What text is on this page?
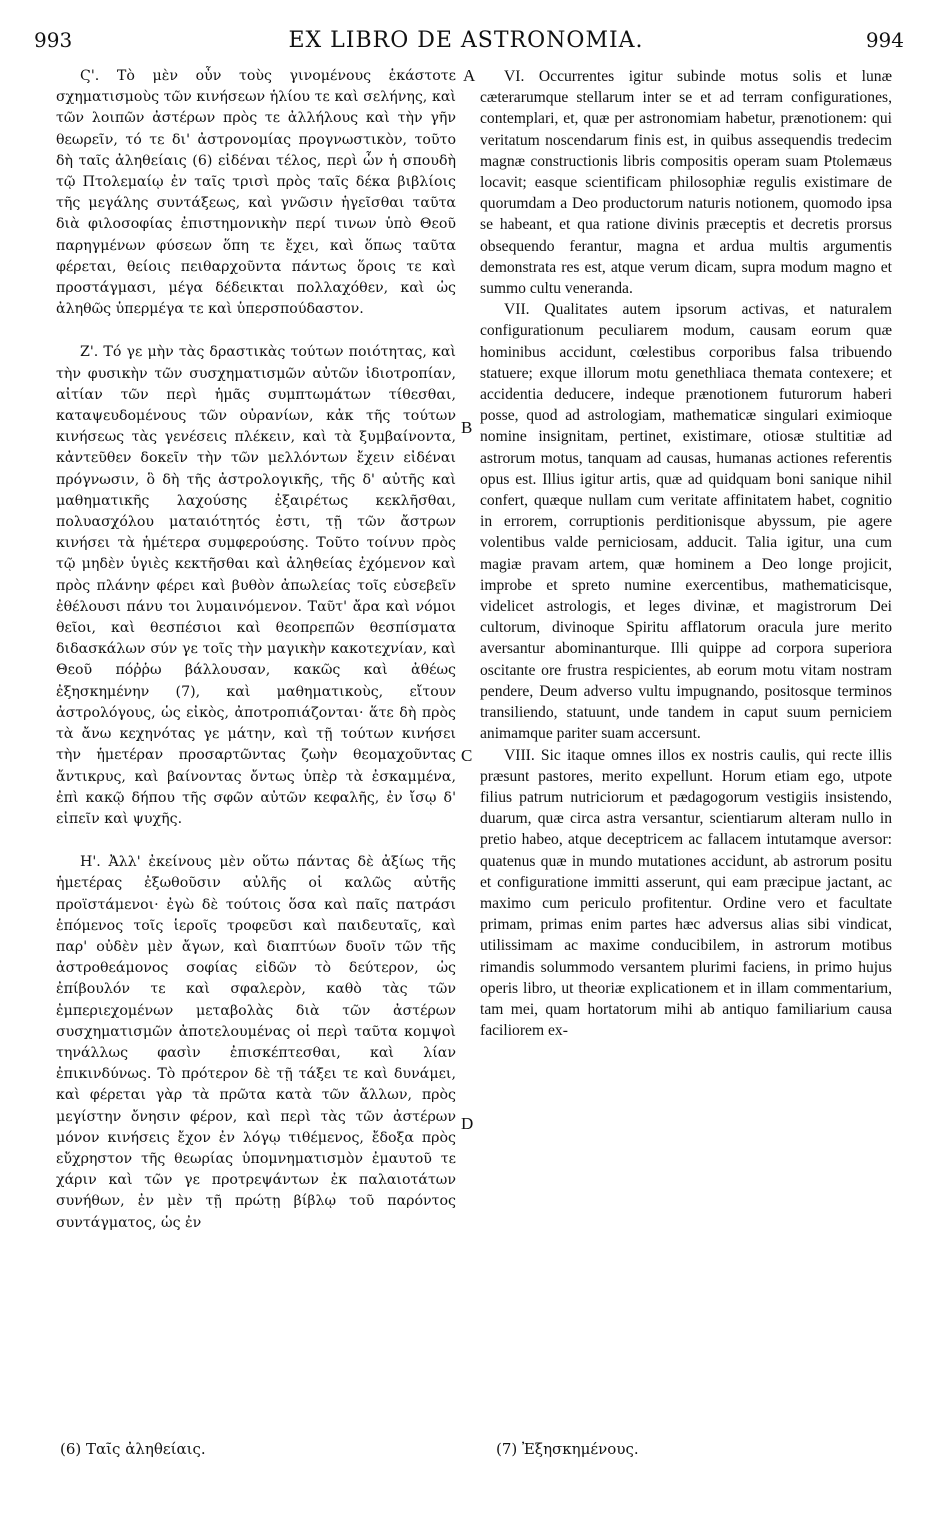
993	EX LIBRO DE ASTRONOMIA.	994

Ϛ'. Τὸ μὲν οὖν τοὺς γινομένους ἑκάστοτε σχηματισμοὺς τῶν κινήσεων ἡλίου τε καὶ σελήνης, καὶ τῶν λοιπῶν ἀστέρων πρὸς τε ἀλλήλους καὶ τὴν γῆν θεωρεῖν, τό τε δι' ἀστρονομίας προγνωστικὸν, τοῦτο δὴ ταῖς ἀληθείαις (6) εἰδέναι τέλος, περὶ ὧν ἡ σπουδὴ τῷ Πτολεμαίῳ ἐν ταῖς τρισὶ πρὸς ταῖς δέκα βιβλίοις τῆς μεγάλης συντάξεως, καὶ γνῶσιν ἡγεῖσθαι ταῦτα διὰ φιλοσοφίας ἐπιστημονικὴν περί τινων ὑπὸ Θεοῦ παρηγμένων φύσεων ὅπη τε ἔχει, καὶ ὅπως ταῦτα φέρεται, θείοις πειθαρχοῦντα πάντως ὅροις τε καὶ προστάγμασι, μέγα δέδεικται πολλαχόθεν, καὶ ὡς ἀληθῶς ὑπερμέγα τε καὶ ὑπερσπούδαστον.

Ζ'. Τό γε μὴν τὰς δραστικὰς τούτων ποιότητας, καὶ τὴν φυσικὴν τῶν συσχηματισμῶν αὐτῶν ἰδιοτροπίαν, αἰτίαν τῶν περὶ ἡμᾶς συμπτωμάτων τίθεσθαι, καταψευδομένους τῶν οὐρανίων, κἀκ τῆς τούτων κινήσεως τὰς γενέσεις πλέκειν, καὶ τὰ ξυμβαίνοντα, κἀντεῦθεν δοκεῖν τὴν τῶν μελλόντων ἔχειν εἰδέναι πρόγνωσιν, ὃ δὴ τῆς ἀστρολογικῆς, τῆς δ' αὐτῆς καὶ μαθηματικῆς λαχούσης ἐξαιρέτως κεκλῆσθαι, πολυασχόλου ματαιότητός ἐστι, τῇ τῶν ἄστρων κινήσει τὰ ἡμέτερα συμφερούσης. Τοῦτο τοίνυν πρὸς τῷ μηδὲν ὑγιὲς κεκτῆσθαι καὶ ἀληθείας ἐχόμενον καὶ πρὸς πλάνην φέρει καὶ βυθὸν ἀπωλείας τοῖς εὐσεβεῖν ἐθέλουσι πάνυ τοι λυμαινόμενον. Ταῦτ' ἄρα καὶ νόμοι θεῖοι, καὶ θεσπέσιοι καὶ θεοπρεπῶν θεσπίσματα διδασκάλων σύν γε τοῖς τὴν μαγικὴν κακοτεχνίαν, καὶ Θεοῦ πόῤῥω βάλλουσαν, κακῶς καὶ ἀθέως ἐξησκημένην (7), καὶ μαθηματικοὺς, εἴτουν ἀστρολόγους, ὡς εἰκὸς, ἀποτροπιάζονται· ἅτε δὴ πρὸς τὰ ἄνω κεχηνότας γε μάτην, καὶ τῇ τούτων κινήσει τὴν ἡμετέραν προσαρτῶντας ζωὴν θεομαχοῦντας ἄντικρυς, καὶ βαίνοντας ὄντως ὑπὲρ τὰ ἐσκαμμένα, ἐπὶ κακῷ δήπου τῆς σφῶν αὐτῶν κεφαλῆς, ἐν ἴσῳ δ' εἰπεῖν καὶ ψυχῆς.

Η'. Ἀλλ' ἐκείνους μὲν οὕτω πάντας δὲ ἀξίως τῆς ἡμετέρας ἐξωθοῦσιν αὐλῆς οἱ καλῶς αὐτῆς προϊστάμενοι· ἐγὼ δὲ τούτοις ὅσα καὶ παῖς πατράσι ἑπόμενος τοῖς ἱεροῖς τροφεῦσι καὶ παιδευταῖς, καὶ παρ' οὐδὲν μὲν ἄγων, καὶ διαπτύων δυοῖν τῶν τῆς ἀστροθεάμονος σοφίας εἰδῶν τὸ δεύτερον, ὡς ἐπίβουλόν τε καὶ σφαλερὸν, καθὸ τὰς τῶν ἐμπεριεχομένων μεταβολὰς διὰ τῶν ἀστέρων συσχηματισμῶν ἀποτελουμένας οἱ περὶ ταῦτα κομψοὶ τηνάλλως φασὶν ἐπισκέπτεσθαι, καὶ λίαν ἐπικινδύνως. Τὸ πρότερον δὲ τῇ τάξει τε καὶ δυνάμει, καὶ φέρεται γὰρ τὰ πρῶτα κατὰ τῶν ἄλλων, πρὸς μεγίστην ὄνησιν φέρον, καὶ περὶ τὰς τῶν ἀστέρων μόνον κινήσεις ἔχον ἐν λόγῳ τιθέμενος, ἔδοξα πρὸς εὔχρηστον τῆς θεωρίας ὑπομνηματισμὸν ἐμαυτοῦ τε χάριν καὶ τῶν γε προτρεψάντων ἐκ παλαιοτάτων συνήθων, ἐν μὲν τῇ πρώτῃ βίβλῳ τοῦ παρόντος συντάγματος, ὡς ἐν

VI. Occurrentes igitur subinde motus solis et lunæ cæterarumque stellarum inter se et ad terram configurationes, contemplari, et, quæ per astronomiam habetur, prænotionem: qui veritatum noscendarum finis est, in quibus assequendis tredecim magnæ constructionis libris compositis operam suam Ptolemæus locavit; easque scientificam philosophiæ regulis existimare de quorumdam a Deo productorum naturis notionem, quomodo ipsa se habeant, et qua ratione divinis præceptis et decretis prorsus obsequendo ferantur, magna et ardua multis argumentis demonstrata res est, atque verum dicam, supra modum magno et summo cultu veneranda.

VII. Qualitates autem ipsorum activas, et naturalem configurationum peculiarem modum, causam eorum quæ hominibus accidunt, cœlestibus corporibus falsa tribuendo statuere; exque illorum motu genethliaca themata contexere; et accidentia deducere, indeque prænotionem futurorum haberi posse, quod ad astrologiam, mathematicæ singulari eximioque nomine insignitam, pertinet, existimare, otiosæ stultitiæ ad astrorum motus, tanquam ad causas, humanas actiones referentis opus est. Illius igitur artis, quæ ad quidquam boni sanique nihil confert, quæque nullam cum veritate affinitatem habet, cognitio in errorem, corruptionis perditionisque abyssum, pie agere volentibus valde perniciosam, adducit. Talia igitur, una cum magiæ pravam artem, quæ hominem a Deo longe projicit, improbe et spreto numine exercentibus, mathematicisque, videlicet astrologis, et leges divinæ, et magistrorum Dei cultorum, divinoque Spiritu afflatorum oracula jure merito aversantur abominanturque. Illi quippe ad corpora superiora oscitante ore frustra respicientes, ab eorum motu vitam nostram pendere, Deum adverso vultu impugnando, positosque terminos transiliendo, statuunt, unde tandem in caput suum perniciem animamque pariter suam accersunt.

VIII. Sic itaque omnes illos ex nostris caulis, qui recte illis præsunt pastores, merito expellunt. Horum etiam ego, utpote filius patrum nutriciorum et pædagogorum vestigiis insistendo, duarum, quæ circa astra versantur, scientiarum alteram nullo in pretio habeo, atque deceptricem ac fallacem intutamque aversor: quatenus quæ in mundo mutationes accidunt, ab astrorum positu et configuratione immitti asserunt, qui eam præcipue jactant, ac maximo cum periculo profitentur. Ordine vero et facultate primam, primas enim partes hæc adversus alias sibi vindicat, utilissimam ac maxime conducibilem, in astrorum motibus rimandis solummodo versantem plurimi faciens, in primo hujus operis libro, ut theoriæ explicationem et in illam commentarium, tam mei, quam hortatorum mihi ab antiquo familiarium causa faciliorem ex-

A
B
C
D
(6) Ταῖς ἀληθείαις.	(7) Ἐξησκημένους.
